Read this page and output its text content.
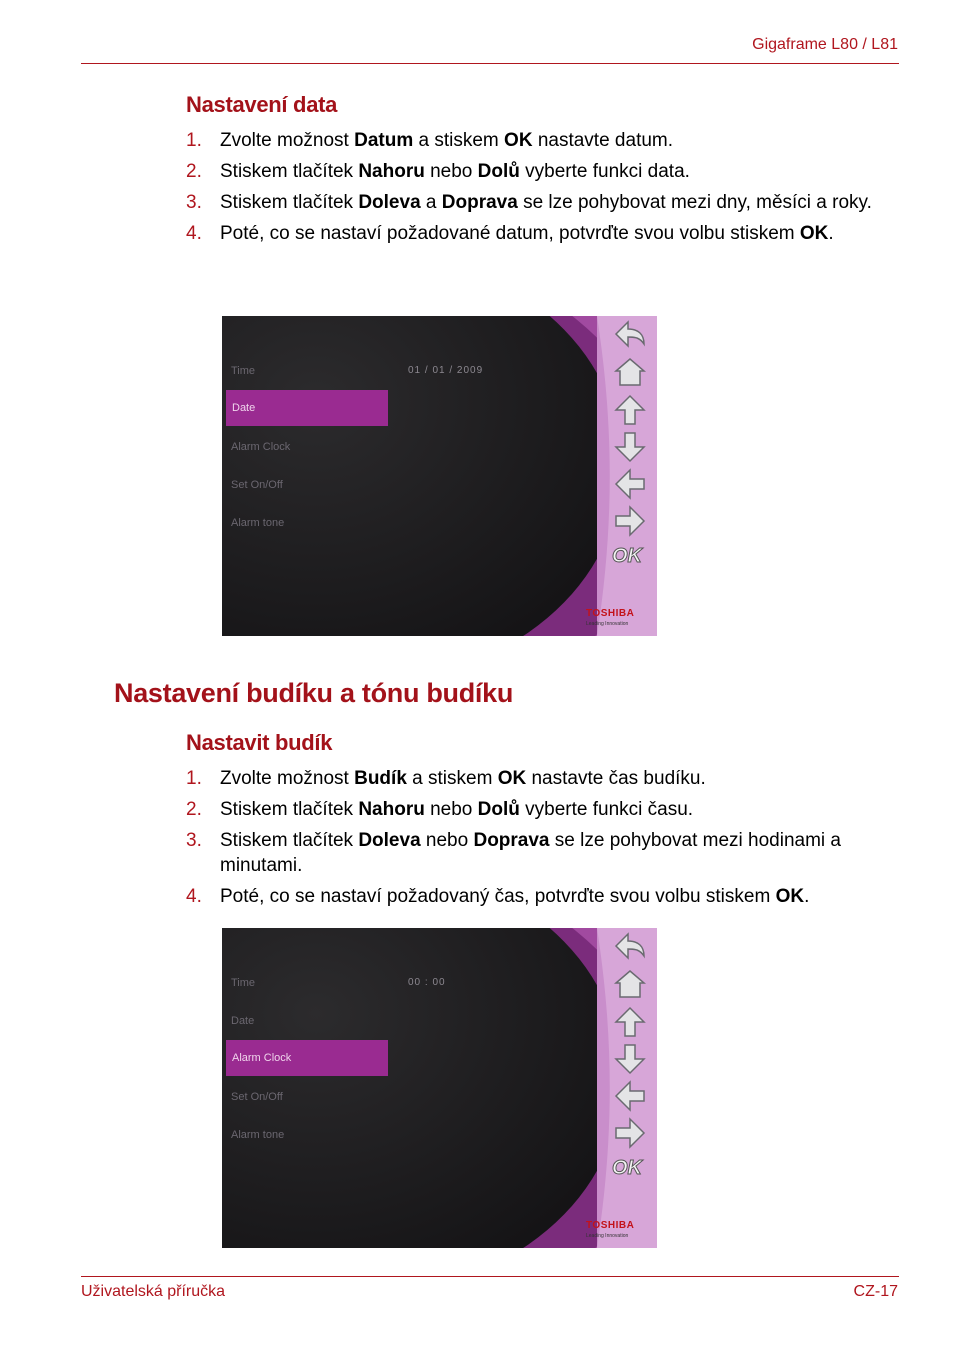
Gigaframe L80 / L81
Nastavení data
1. Zvolte možnost Datum a stiskem OK nastavte datum.
2. Stiskem tlačítek Nahoru nebo Dolů vyberte funkci data.
3. Stiskem tlačítek Doleva a Doprava se lze pohybovat mezi dny, měsíci a roky.
4. Poté, co se nastaví požadované datum, potvrďte svou volbu stiskem OK.
OK
Time
Date
Alarm Clock
Set On/Off
Alarm tone
01 / 01 / 2009
TOSHIBA
Leading Innovation
Nastavení budíku a tónu budíku
Nastavit budík
1. Zvolte možnost Budík a stiskem OK nastavte čas budíku.
2. Stiskem tlačítek Nahoru nebo Dolů vyberte funkci času.
3. Stiskem tlačítek Doleva nebo Doprava se lze pohybovat mezi hodinami a minutami.
4. Poté, co se nastaví požadovaný čas, potvrďte svou volbu stiskem OK.
OK
Time
Date
Alarm Clock
Set On/Off
Alarm tone
00 : 00
TOSHIBA
Leading Innovation
Uživatelská příručka	CZ-17
